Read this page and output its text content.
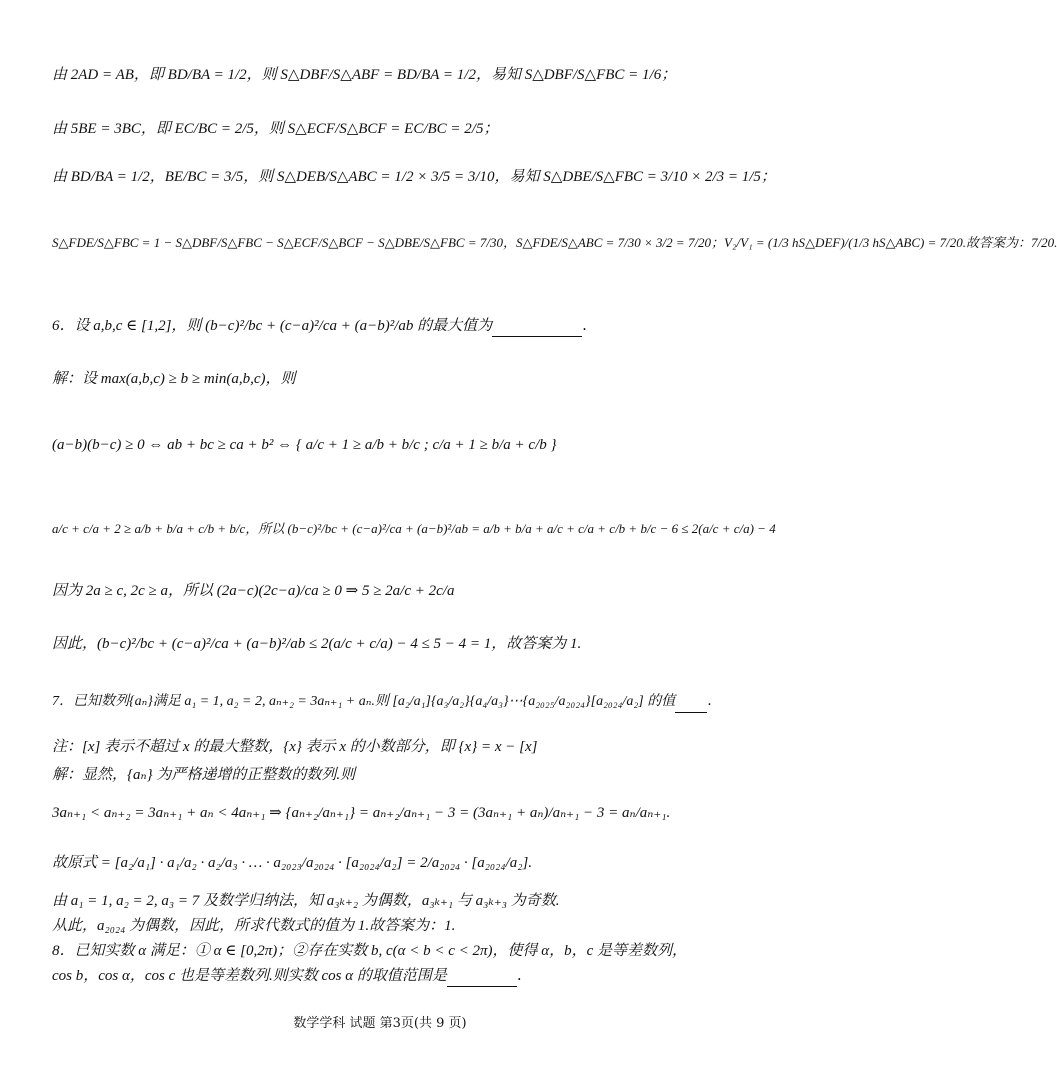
由 2AD = AB，即 BD/BA = 1/2，则 S△DBF/S△ABF = BD/BA = 1/2，易知 S△DBF/S△FBC = 1/6；
由 5BE = 3BC，即 EC/BC = 2/5，则 S△ECF/S△BCF = EC/BC = 2/5；
由 BD/BA = 1/2，BE/BC = 3/5，则 S△DEB/S△ABC = 1/2 × 3/5 = 3/10，易知 S△DBE/S△FBC = 3/10 × 2/3 = 1/5；
S△FDE/S△FBC = 1 − S△DBF/S△FBC − S△ECF/S△BCF − S△DBE/S△FBC = 7/30，S△FDE/S△ABC = 7/30 × 3/2 = 7/20；V₂/V₁ = (1/3 hS△DEF)/(1/3 hS△ABC) = 7/20.故答案为：7/20.
6．设 a,b,c ∈ [1,2]，则 (b−c)²/bc + (c−a)²/ca + (a−b)²/ab 的最大值为	.
解：设 max(a,b,c) ≥ b ≥ min(a,b,c)，则
(a−b)(b−c) ≥ 0 ⇔ ab + bc ≥ ca + b² ⇔ { a/c + 1 ≥ a/b + b/c ; c/a + 1 ≥ b/a + c/b }
a/c + c/a + 2 ≥ a/b + b/a + c/b + b/c，所以 (b−c)²/bc + (c−a)²/ca + (a−b)²/ab = a/b + b/a + a/c + c/a + c/b + b/c − 6 ≤ 2(a/c + c/a) − 4
因为 2a ≥ c, 2c ≥ a，所以 (2a−c)(2c−a)/ca ≥ 0 ⇒ 5 ≥ 2a/c + 2c/a
因此，(b−c)²/bc + (c−a)²/ca + (a−b)²/ab ≤ 2(a/c + c/a) − 4 ≤ 5 − 4 = 1，故答案为 1.
7．已知数列{aₙ}满足 a₁ = 1, a₂ = 2, aₙ₊₂ = 3aₙ₊₁ + aₙ.则 [a₂/a₁]{a₃/a₂}{a₄/a₃}⋯{a₂₀₂₅/a₂₀₂₄}[a₂₀₂₄/a₂] 的值 .
注：[x] 表示不超过 x 的最大整数，{x} 表示 x 的小数部分，即 {x} = x − [x]
解：显然，{aₙ} 为严格递增的正整数的数列.则
3aₙ₊₁ < aₙ₊₂ = 3aₙ₊₁ + aₙ < 4aₙ₊₁ ⇒ {aₙ₊₂/aₙ₊₁} = aₙ₊₂/aₙ₊₁ − 3 = (3aₙ₊₁ + aₙ)/aₙ₊₁ − 3 = aₙ/aₙ₊₁.
故原式 = [a₂/a₁] · a₁/a₂ · a₂/a₃ · … · a₂₀₂₃/a₂₀₂₄ · [a₂₀₂₄/a₂] = 2/a₂₀₂₄ · [a₂₀₂₄/a₂].
由 a₁ = 1, a₂ = 2, a₃ = 7 及数学归纳法，知 a₃ₖ₊₂ 为偶数，a₃ₖ₊₁ 与 a₃ₖ₊₃ 为奇数.
从此，a₂₀₂₄ 为偶数，因此，所求代数式的值为 1.故答案为：1.
8．已知实数 α 满足：① α ∈ [0,2π)；②存在实数 b, c(α < b < c < 2π)，使得 α，b，c 是等差数列，
cos b，cos α，cos c 也是等差数列.则实数 cos α 的取值范围是	.
数学学科 试题 第3页(共 9 页)
